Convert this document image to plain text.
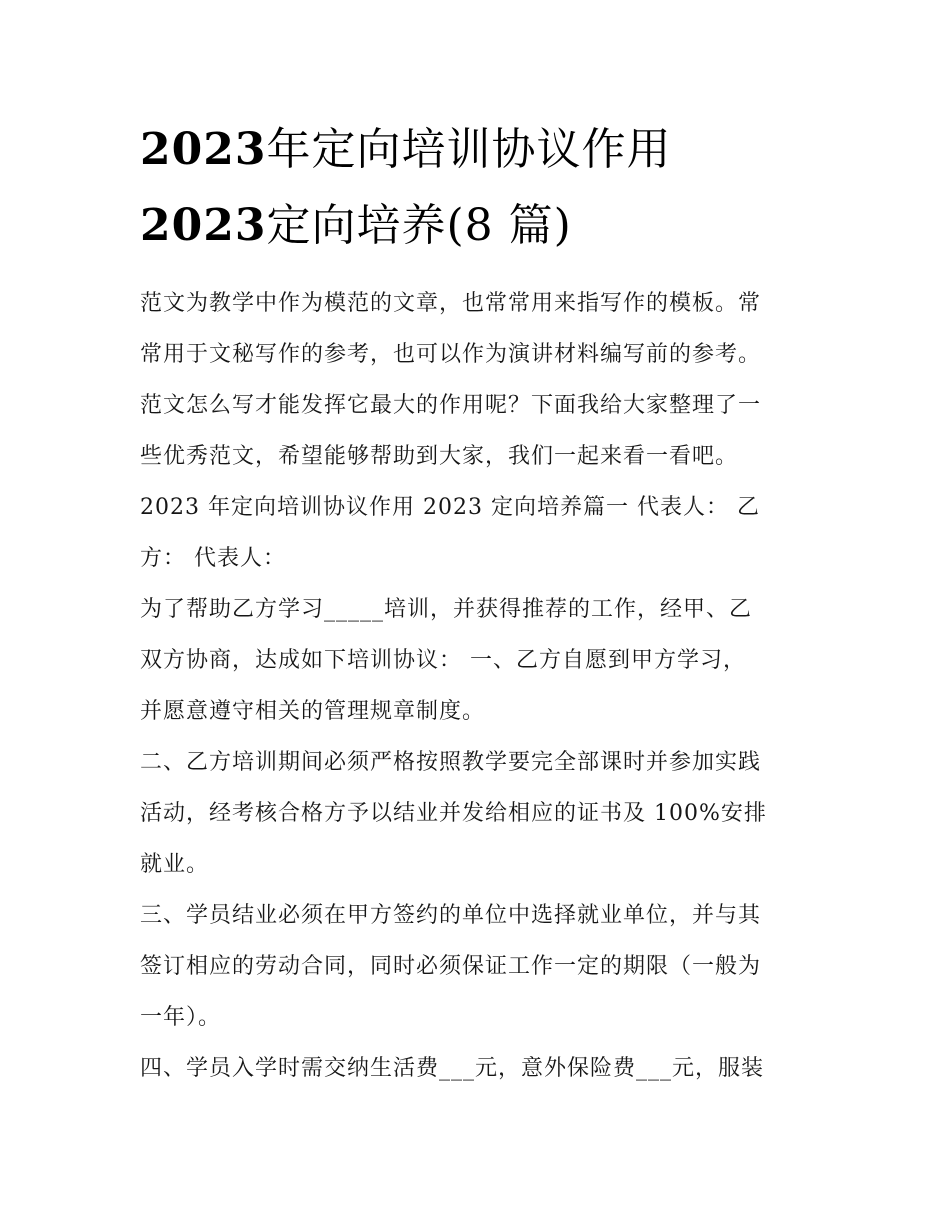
2023年定向培训协议作用
2023定向培养(8 篇)

范文为教学中作为模范的文章，也常常用来指写作的模板。常
常用于文秘写作的参考，也可以作为演讲材料编写前的参考。
范文怎么写才能发挥它最大的作用呢？下面我给大家整理了一
些优秀范文，希望能够帮助到大家，我们一起来看一看吧。

2023 年定向培训协议作用 2023 定向培养篇一 代表人： 乙
方： 代表人：

为了帮助乙方学习_____培训，并获得推荐的工作，经甲、乙
双方协商，达成如下培训协议： 一、乙方自愿到甲方学习，
并愿意遵守相关的管理规章制度。

二、乙方培训期间必须严格按照教学要完全部课时并参加实践
活动，经考核合格方予以结业并发给相应的证书及 100%安排
就业。

三、学员结业必须在甲方签约的单位中选择就业单位，并与其
签订相应的劳动合同，同时必须保证工作一定的期限（一般为
一年）。

四、学员入学时需交纳生活费___元，意外保险费___元，服装
